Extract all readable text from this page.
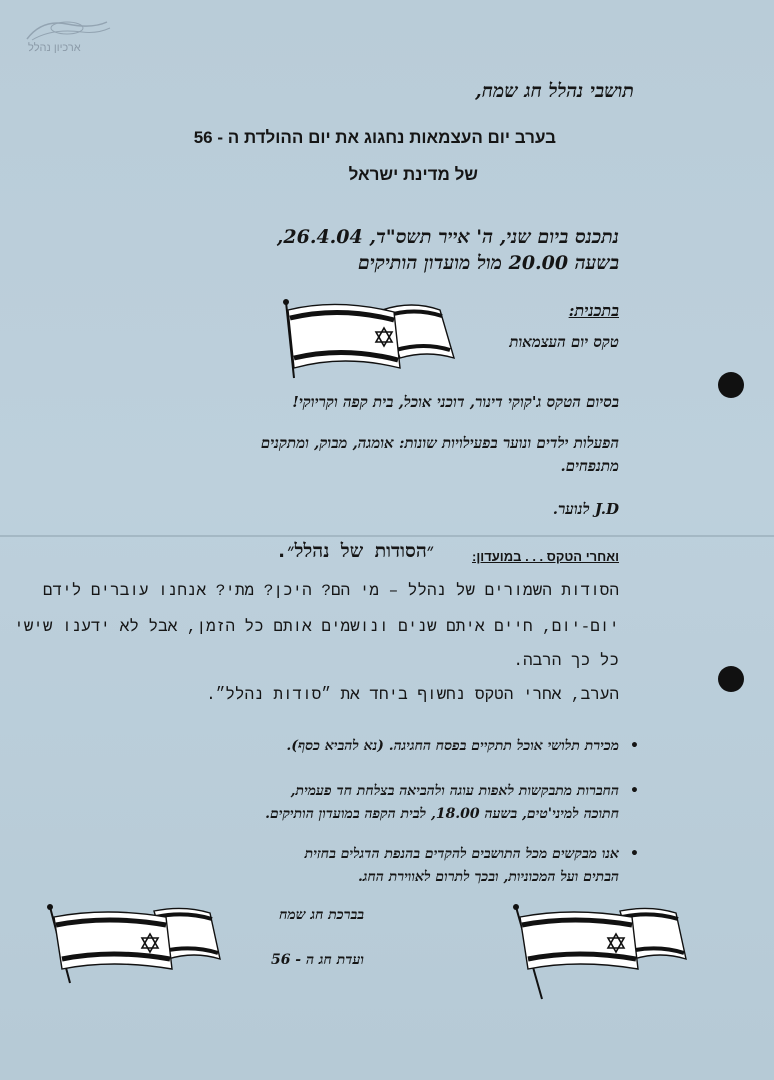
ארכיון נהלל
תושבי נהלל חג שמח,
בערב יום העצמאות נחגוג את יום ההולדת ה - 56
של מדינת ישראל
נתכנס ביום שני, ה' אייר תשס"ד, 26.4.04,
בשעה 20.00 מול מועדון הותיקים
בתכנית:
טקס יום העצמאות
בסיום הטקס ג'קוקי דינור, דוכני אוכל, בית קפה וקריוקי!
הפעלות ילדים ונוער בפעילויות שונות: אומגה, מבוק, ומתקנים
מתנפחים.
J.D לנוער.
ואחרי הטקס . . . במועדון:
״הסודות של נהלל״.
הסודות השמורים של נהלל – מי הם? היכן? מתי? אנחנו עוברים לידם
יום-יום, חיים איתם שנים ונושמים אותם כל הזמן, אבל לא ידענו שישי
כל כך הרבה.
הערב, אחרי הטקס נחשוף ביחד את ״סודות נהלל״.
•
מכירת תלושי אוכל תתקיים בפסח החגיגה. (נא להביא כסף).
•
החברות מתבקשות לאפות עוגה ולהביאה בצלחת חד פעמית,
חתוכה למיני'טים, בשעה 18.00, לבית הקפה במועדון הותיקים.
•
אנו מבקשים מכל התושבים להקדים בהנפת הדגלים בחזית
הבתים ועל המכוניות, ובכך לתרום לאווירת החג.
בברכת חג שמח
ועדת חג ה - 56
